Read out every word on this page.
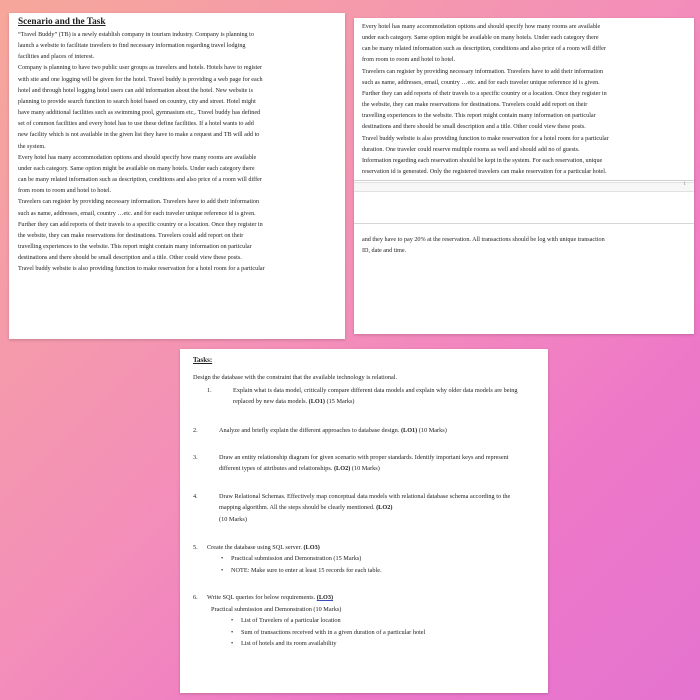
Scenario and the Task

“Travel Buddy” (TB) is a newly establish company in tourism industry. Company is planning to

launch a website to facilitate travelers to find necessary information regarding travel lodging

facilities and places of interest.

Company is planning to have two public user groups as travelers and hotels. Hotels have to register

with site and one logging will be given for the hotel. Travel buddy is providing a web page for each

hotel and through hotel logging hotel users can add information about the hotel. New website is

planning to provide search function to search hotel based on country, city and street. Hotel might

have many additional facilities such as swimming pool, gymnasium etc,. Travel buddy has defined

set of common facilities and every hotel has to use these define facilities. If a hotel wants to add

new facility which is not available in the given list they have to make a request and TB will add to

the system.

Every hotel has many accommodation options and should specify how many rooms are available

under each category. Same option might be available on many hotels. Under each category there

can be many related information such as description, conditions and also price of a room will differ

from room to room and hotel to hotel.

Travelers can register by providing necessary information. Travelers have to add their information

such as name, addresses, email, country …etc. and for each traveler unique reference id is given.

Further they can add reports of their travels to a specific country or a location. Once they register in

the website, they can make reservations for destinations. Travelers could add report on their

travelling experiences to the website. This report might contain many information on particular

destinations and there should be small description and a title. Other could view these posts.

Travel buddy website is also providing function to make reservation for a hotel room for a particular

Every hotel has many accommodation options and should specify how many rooms are available

under each category. Same option might be available on many hotels. Under each category there

can be many related information such as description, conditions and also price of a room will differ

from room to room and hotel to hotel.

Travelers can register by providing necessary information. Travelers have to add their information

such as name, addresses, email, country …etc. and for each traveler unique reference id is given.

Further they can add reports of their travels to a specific country or a location. Once they register in

the website, they can make reservations for destinations. Travelers could add report on their

travelling experiences to the website. This report might contain many information on particular

destinations and there should be small description and a title. Other could view these posts.

Travel buddy website is also providing function to make reservation for a hotel room for a particular

duration. One traveler could reserve multiple rooms as well and should add no of guests.

Information regarding each reservation should be kept in the system. For each reservation, unique

reservation id is generated. Only the registered travelers can make reservation for a particular hotel.

1

and they have to pay 20% at the reservation. All transactions should be log with unique transaction

ID, date and time.

Tasks:
Design the database with the constraint that the available technology is relational.
1.	Explain what is data model, critically compare different data models and explain why older data models are being replaced by new data models. (LO1) (15 Marks)
2.	Analyze and briefly explain the different approaches to database design. (LO1) (10 Marks)
3.	Draw an entity relationship diagram for given scenario with proper standards. Identify important keys and represent different types of attributes and relationships. (LO2) (10 Marks)
4.	Draw Relational Schemas. Effectively map conceptual data models with relational database schema according to the mapping algorithm. All the steps should be clearly mentioned. (LO2)
(10 Marks)
5. Create the database using SQL server. (LO3)
• Practical submission and Demonstration (15 Marks)
• NOTE: Make sure to enter at least 15 records for each table.
6. Write SQL queries for below requirements. (LO3)
Practical submission and Demonstration (10 Marks)
• List of Travelers of a particular location
• Sum of transactions received with in a given duration of a particular hotel
• List of hotels and its room availability
